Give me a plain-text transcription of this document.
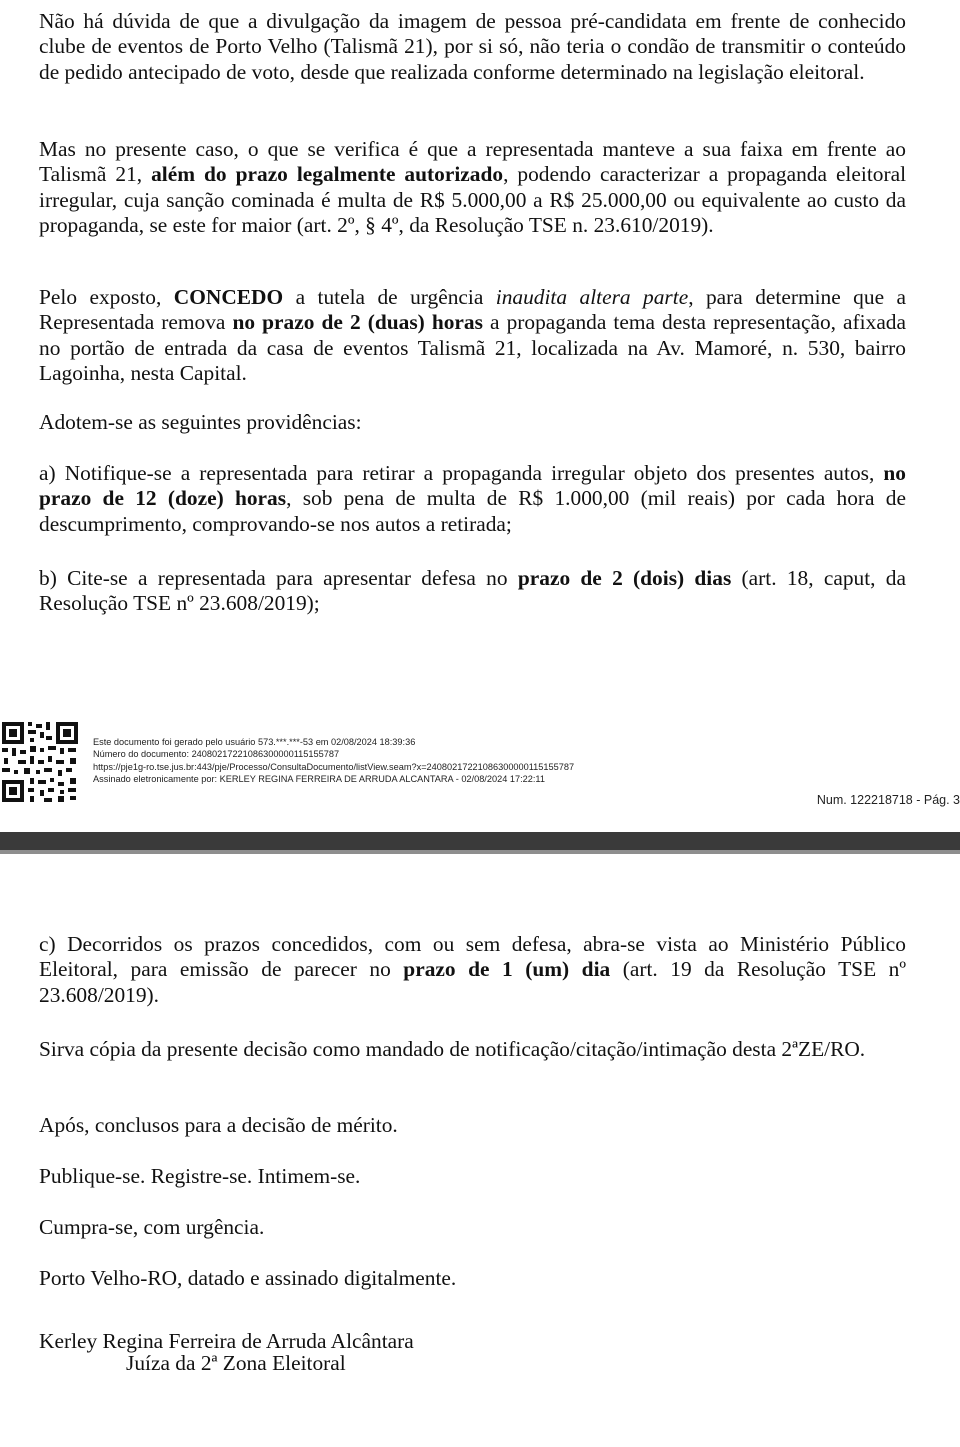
Não há dúvida de que a divulgação da imagem de pessoa pré-candidata em frente de conhecido clube de eventos de Porto Velho (Talismã 21), por si só, não teria o condão de transmitir o conteúdo de pedido antecipado de voto, desde que realizada conforme determinado na legislação eleitoral.

Mas no presente caso, o que se verifica é que a representada manteve a sua faixa em frente ao Talismã 21, além do prazo legalmente autorizado, podendo caracterizar a propaganda eleitoral irregular, cuja sanção cominada é multa de R$ 5.000,00 a R$ 25.000,00 ou equivalente ao custo da propaganda, se este for maior (art. 2º, § 4º, da Resolução TSE n. 23.610/2019).

Pelo exposto, CONCEDO a tutela de urgência inaudita altera parte, para determine que a Representada remova no prazo de 2 (duas) horas a propaganda tema desta representação, afixada no portão de entrada da casa de eventos Talismã 21, localizada na Av. Mamoré, n. 530, bairro Lagoinha, nesta Capital.

Adotem-se as seguintes providências:

a) Notifique-se a representada para retirar a propaganda irregular objeto dos presentes autos, no prazo de 12 (doze) horas, sob pena de multa de R$ 1.000,00 (mil reais) por cada hora de descumprimento, comprovando-se nos autos a retirada;

b) Cite-se a representada para apresentar defesa no prazo de 2 (dois) dias (art. 18, caput, da Resolução TSE nº 23.608/2019);

Este documento foi gerado pelo usuário 573.***.***-53 em 02/08/2024 18:39:36
Número do documento: 24080217221086300000115155787
https://pje1g-ro.tse.jus.br:443/pje/Processo/ConsultaDocumento/listView.seam?x=24080217221086300000115155787
Assinado eletronicamente por: KERLEY REGINA FERREIRA DE ARRUDA ALCANTARA - 02/08/2024 17:22:11
Num. 122218718 - Pág. 3

c) Decorridos os prazos concedidos, com ou sem defesa, abra-se vista ao Ministério Público Eleitoral, para emissão de parecer no prazo de 1 (um) dia (art. 19 da Resolução TSE nº 23.608/2019).

Sirva cópia da presente decisão como mandado de notificação/citação/intimação desta 2ªZE/RO.

Após, conclusos para a decisão de mérito.

Publique-se. Registre-se. Intimem-se.

Cumpra-se, com urgência.

Porto Velho-RO, datado e assinado digitalmente.

Kerley Regina Ferreira de Arruda Alcântara

Juíza da 2ª Zona Eleitoral
